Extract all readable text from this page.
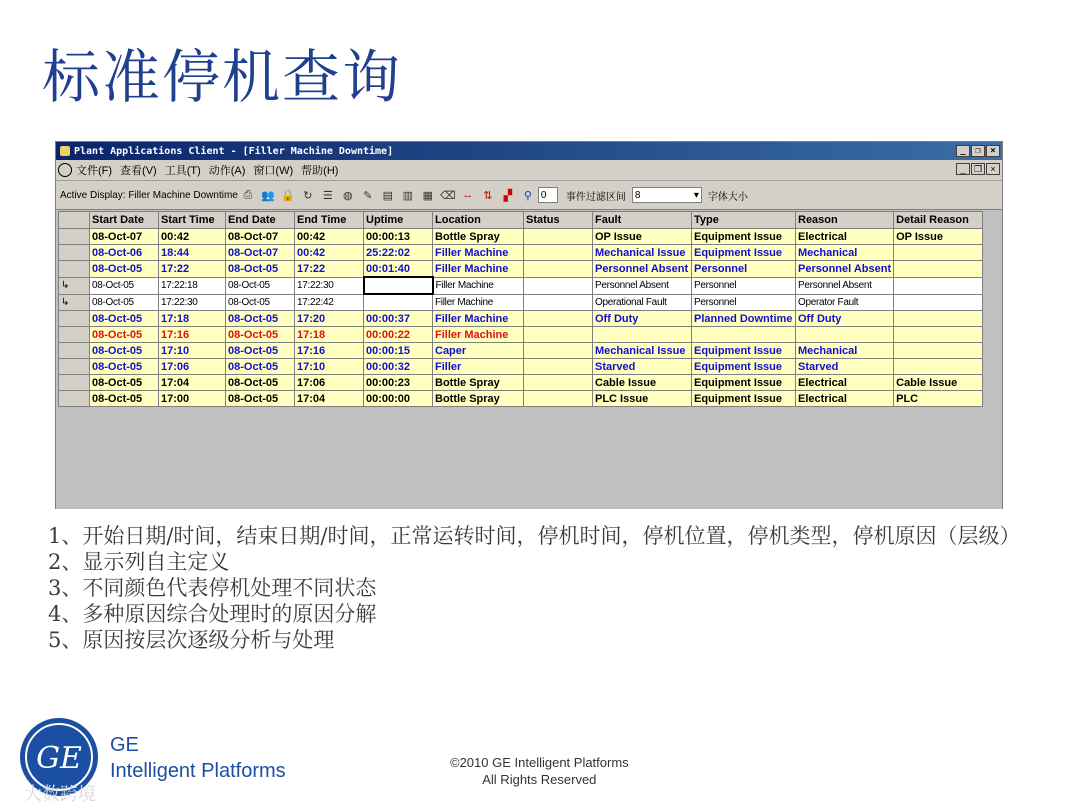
标准停机查询
Plant Applications Client - [Filler Machine Downtime]	_	❐	×
文件(F) 查看(V) 工具(T) 动作(A) 窗口(W) 帮助(H)	_ ❐ ×
Active Display: Filler Machine Downtime ⎙ 👥 🔒 ↻ ☰ ◍ ✎ ▤ ▥ ▦ ⌫ ↔ ⇅ ▞ ⚲ 0	事件过滤区间 8	▾ 字体大小
	Start Date	Start Time	End Date	End Time	Uptime	Location	Status	Fault	Type	Reason	Detail Reason
	08-Oct-07	00:42	08-Oct-07	00:42	00:00:13	Bottle Spray		OP Issue	Equipment Issue	Electrical	OP Issue
	08-Oct-06	18:44	08-Oct-07	00:42	25:22:02	Filler Machine		Mechanical Issue	Equipment Issue	Mechanical	
	08-Oct-05	17:22	08-Oct-05	17:22	00:01:40	Filler Machine		Personnel Absent	Personnel	Personnel Absent	
↳	08-Oct-05	17:22:18	08-Oct-05	17:22:30		Filler Machine		Personnel Absent	Personnel	Personnel Absent	
↳	08-Oct-05	17:22:30	08-Oct-05	17:22:42		Filler Machine		Operational Fault	Personnel	Operator Fault	
	08-Oct-05	17:18	08-Oct-05	17:20	00:00:37	Filler Machine		Off Duty	Planned Downtime	Off Duty	
	08-Oct-05	17:16	08-Oct-05	17:18	00:00:22	Filler Machine					
	08-Oct-05	17:10	08-Oct-05	17:16	00:00:15	Caper		Mechanical Issue	Equipment Issue	Mechanical	
	08-Oct-05	17:06	08-Oct-05	17:10	00:00:32	Filler		Starved	Equipment Issue	Starved	
	08-Oct-05	17:04	08-Oct-05	17:06	00:00:23	Bottle Spray		Cable Issue	Equipment Issue	Electrical	Cable Issue
	08-Oct-05	17:00	08-Oct-05	17:04	00:00:00	Bottle Spray		PLC Issue	Equipment Issue	Electrical	PLC
1、开始日期/时间，结束日期/时间，正常运转时间，停机时间，停机位置，停机类型，停机原因（层级）
2、显示列自主定义
3、不同颜色代表停机处理不同状态
4、多种原因综合处理时的原因分解
5、原因按层次逐级分析与处理
GE GE
Intelligent Platforms	©2010 GE Intelligent Platforms
All Rights Reserved
大数跨境
